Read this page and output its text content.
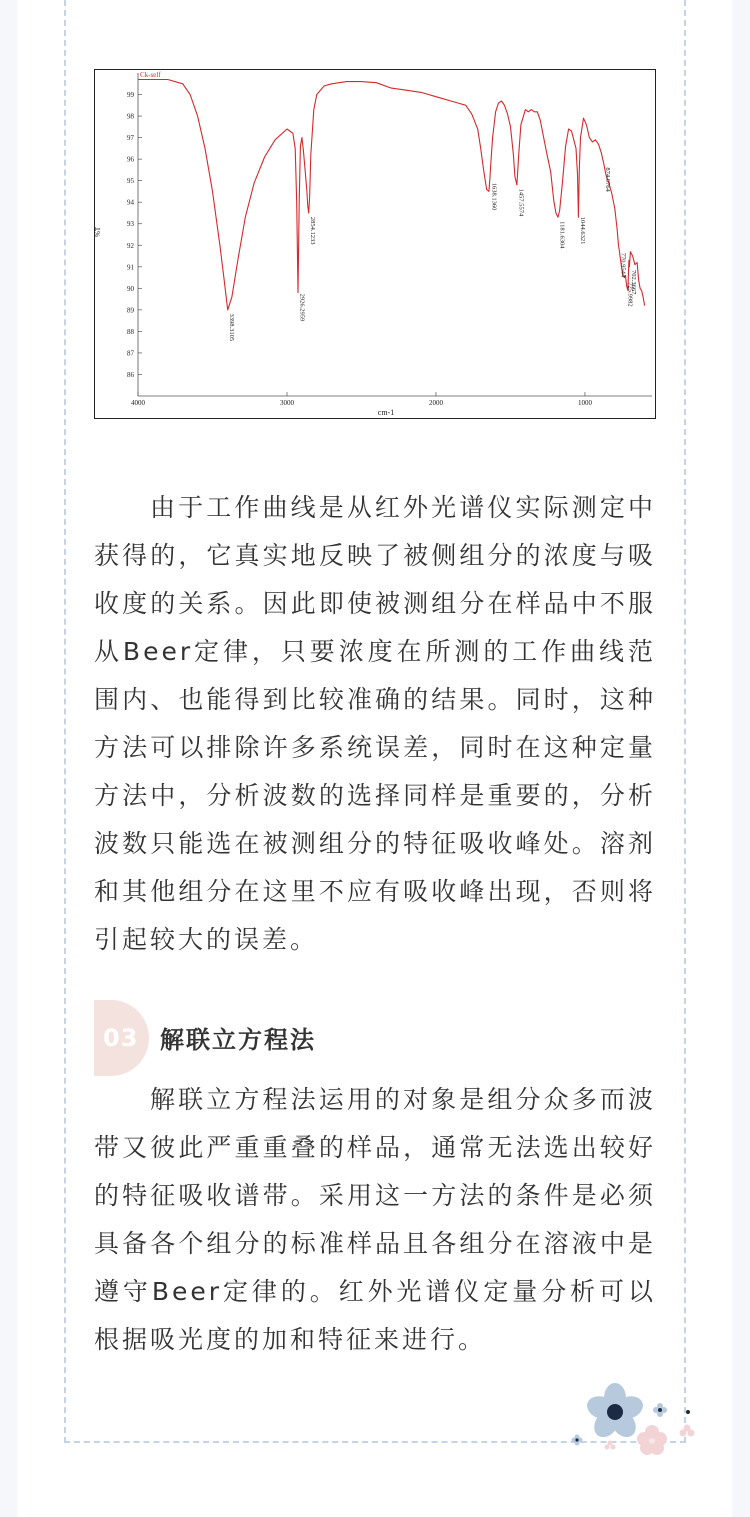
Ck-self
%T
cm-1
99
98
97
96
95
94
93
92
91
90
89
88
87
86
4000	3000	2000	1000
3398.3105
2926.2959
2854.1233
1638.1360	1457.5574
1181.6304 1044.6321
874.0764
770.9544
725.9982
702.3667

由于工作曲线是从红外光谱仪实际测定中获得的，它真实地反映了被侧组分的浓度与吸收度的关系。因此即使被测组分在样品中不服从Beer定律，只要浓度在所测的工作曲线范围内、也能得到比较准确的结果。同时，这种方法可以排除许多系统误差，同时在这种定量方法中，分析波数的选择同样是重要的，分析波数只能选在被测组分的特征吸收峰处。溶剂和其他组分在这里不应有吸收峰出现，否则将引起较大的误差。

03 解联立方程法

解联立方程法运用的对象是组分众多而波带又彼此严重重叠的样品，通常无法选出较好的特征吸收谱带。采用这一方法的条件是必须具备各个组分的标准样品且各组分在溶液中是遵守Beer定律的。红外光谱仪定量分析可以根据吸光度的加和特征来进行。
